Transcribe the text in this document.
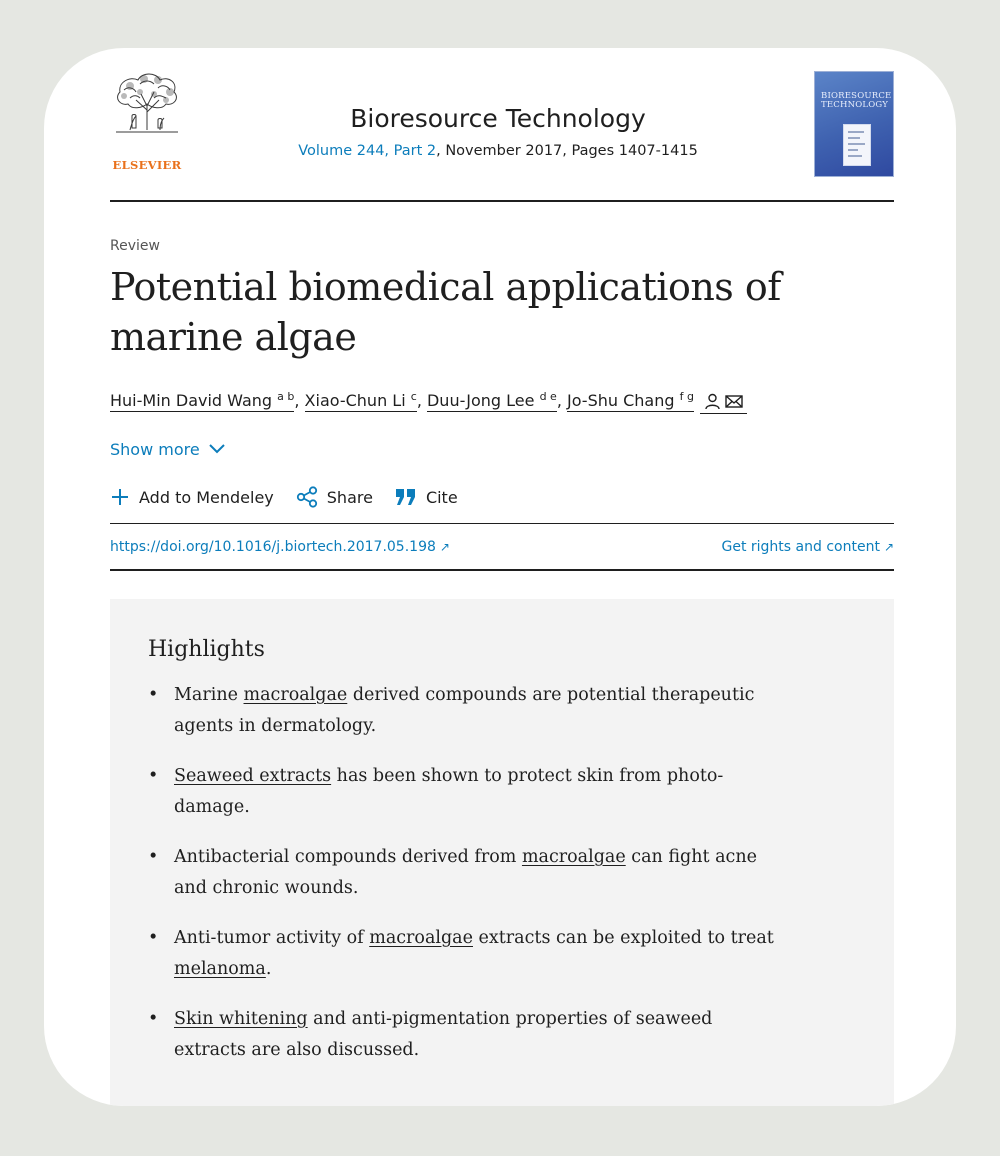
ELSEVIER
Bioresource Technology
Volume 244, Part 2, November 2017, Pages 1407-1415
BIORESOURCE TECHNOLOGY
Review
Potential biomedical applications of marine algae
Hui-Min David Wang $^{a b}$, Xiao-Chun Li $^c$, Duu-Jong Lee $^{d e}$, Jo-Shu Chang $^{f g}$
Show more
Add to Mendeley	Share	Cite
https://doi.org/10.1016/j.biortech.2017.05.198 ↗	Get rights and content ↗
Highlights
• Marine macroalgae derived compounds are potential therapeutic agents in dermatology.
• Seaweed extracts has been shown to protect skin from photo-damage.
• Antibacterial compounds derived from macroalgae can fight acne and chronic wounds.
• Anti-tumor activity of macroalgae extracts can be exploited to treat melanoma.
• Skin whitening and anti-pigmentation properties of seaweed extracts are also discussed.
